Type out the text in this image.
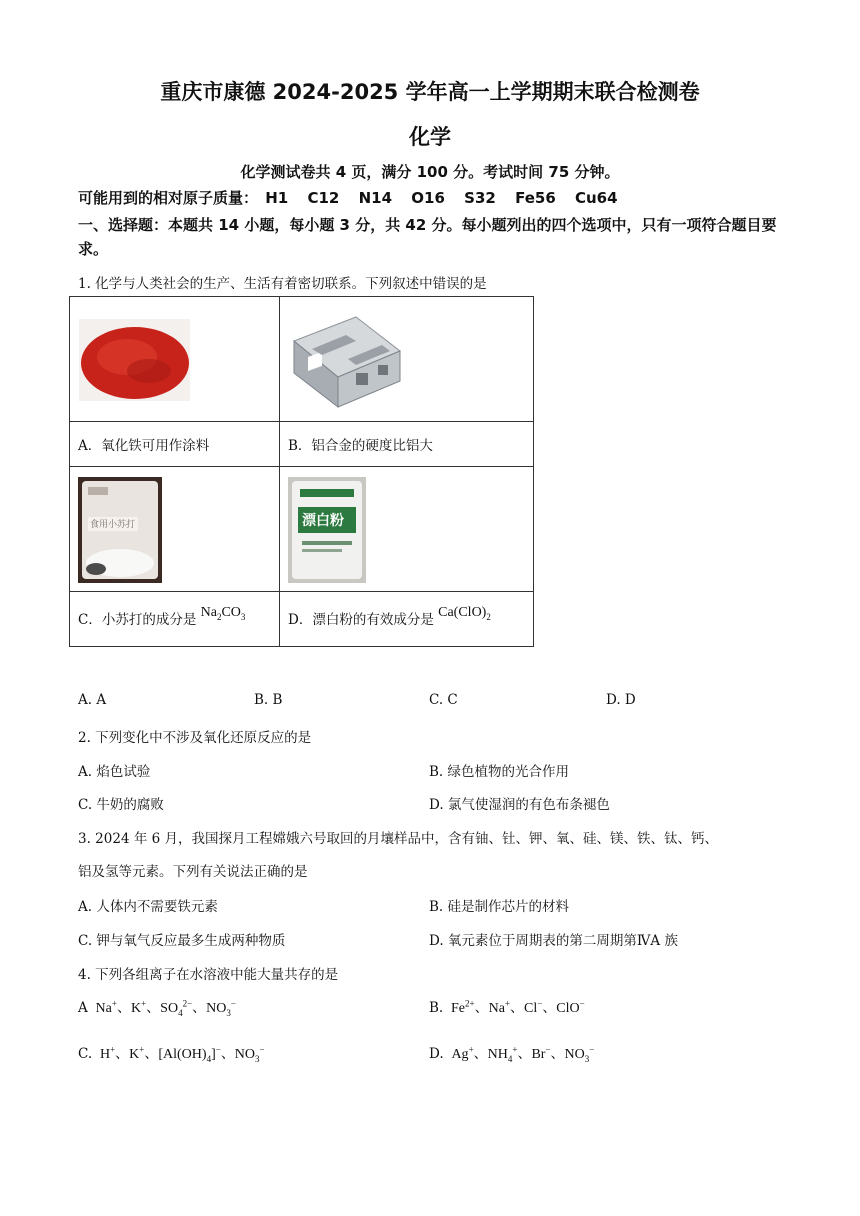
重庆市康德 2024-2025 学年高一上学期期末联合检测卷
化学
化学测试卷共 4 页，满分 100 分。考试时间 75 分钟。
可能用到的相对原子质量： H1 C12 N14 O16 S32 Fe56 Cu64
一、选择题：本题共 14 小题，每小题 3 分，共 42 分。每小题列出的四个选项中，只有一项符合题目要求。
1. 化学与人类社会的生产、生活有着密切联系。下列叙述中错误的是

A．氧化铁可用作涂料	B．铝合金的硬度比铝大

食用小苏打	漂白粉

C．小苏打的成分是 $Na_2CO_3$	D．漂白粉的有效成分是 $Ca(ClO)_2$
A. A	B. B	C. C	D. D
2. 下列变化中不涉及氧化还原反应的是
A. 焰色试验	B. 绿色植物的光合作用
C. 牛奶的腐败	D. 氯气使湿润的有色布条褪色
3. 2024 年 6 月，我国探月工程嫦娥六号取回的月壤样品中，含有铀、钍、钾、氧、硅、镁、铁、钛、钙、
铝及氢等元素。下列有关说法正确的是
A. 人体内不需要铁元素	B. 硅是制作芯片的材料
C. 钾与氧气反应最多生成两种物质	D. 氧元素位于周期表的第二周期第ⅣA 族
4. 下列各组离子在水溶液中能大量共存的是
A  Na+、K+、$SO_4^{2-}$、$NO_3^-$	B.  $Fe^{2+}$、Na+、Cl−、ClO−
C.  H+、K+、$[Al(OH)_4]^-$、$NO_3^-$	D.  Ag+、$NH_4^+$、Br−、$NO_3^-$
